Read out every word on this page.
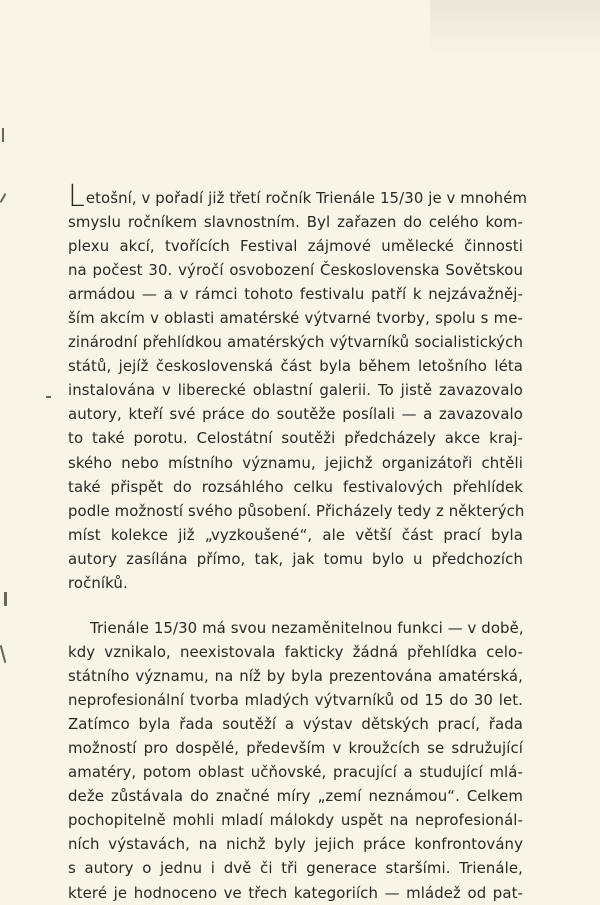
Letošní, v pořadí již třetí ročník Trienále 15/30 je v mnohém
smyslu ročníkem slavnostním. Byl zařazen do celého kom-
plexu akcí, tvořících Festival zájmové umělecké činnosti
na počest 30. výročí osvobození Československa Sovětskou
armádou — a v rámci tohoto festivalu patří k nejzávažněj-
ším akcím v oblasti amatérské výtvarné tvorby, spolu s me-
zinárodní přehlídkou amatérských výtvarníků socialistických
států, jejíž československá část byla během letošního léta
instalována v liberecké oblastní galerii. To jistě zavazovalo
autory, kteří své práce do soutěže posílali — a zavazovalo
to také porotu. Celostátní soutěži předcházely akce kraj-
ského nebo místního významu, jejichž organizátoři chtěli
také přispět do rozsáhlého celku festivalových přehlídek
podle možností svého působení. Přicházely tedy z některých
míst kolekce již „vyzkoušené“, ale větší část prací byla
autory zasílána přímo, tak, jak tomu bylo u předchozích
ročníků.
Trienále 15/30 má svou nezaměnitelnou funkci — v době,
kdy vznikalo, neexistovala fakticky žádná přehlídka celo-
státního významu, na níž by byla prezentována amatérská,
neprofesionální tvorba mladých výtvarníků od 15 do 30 let.
Zatímco byla řada soutěží a výstav dětských prací, řada
možností pro dospělé, především v kroužcích se sdružující
amatéry, potom oblast učňovské, pracující a studující mlá-
deže zůstávala do značné míry „zemí neznámou“. Celkem
pochopitelně mohli mladí málokdy uspět na neprofesionál-
ních výstavách, na nichž byly jejich práce konfrontovány
s autory o jednu i dvě či tři generace staršími. Trienále,
které je hodnoceno ve třech kategoriích — mládež od pat-
